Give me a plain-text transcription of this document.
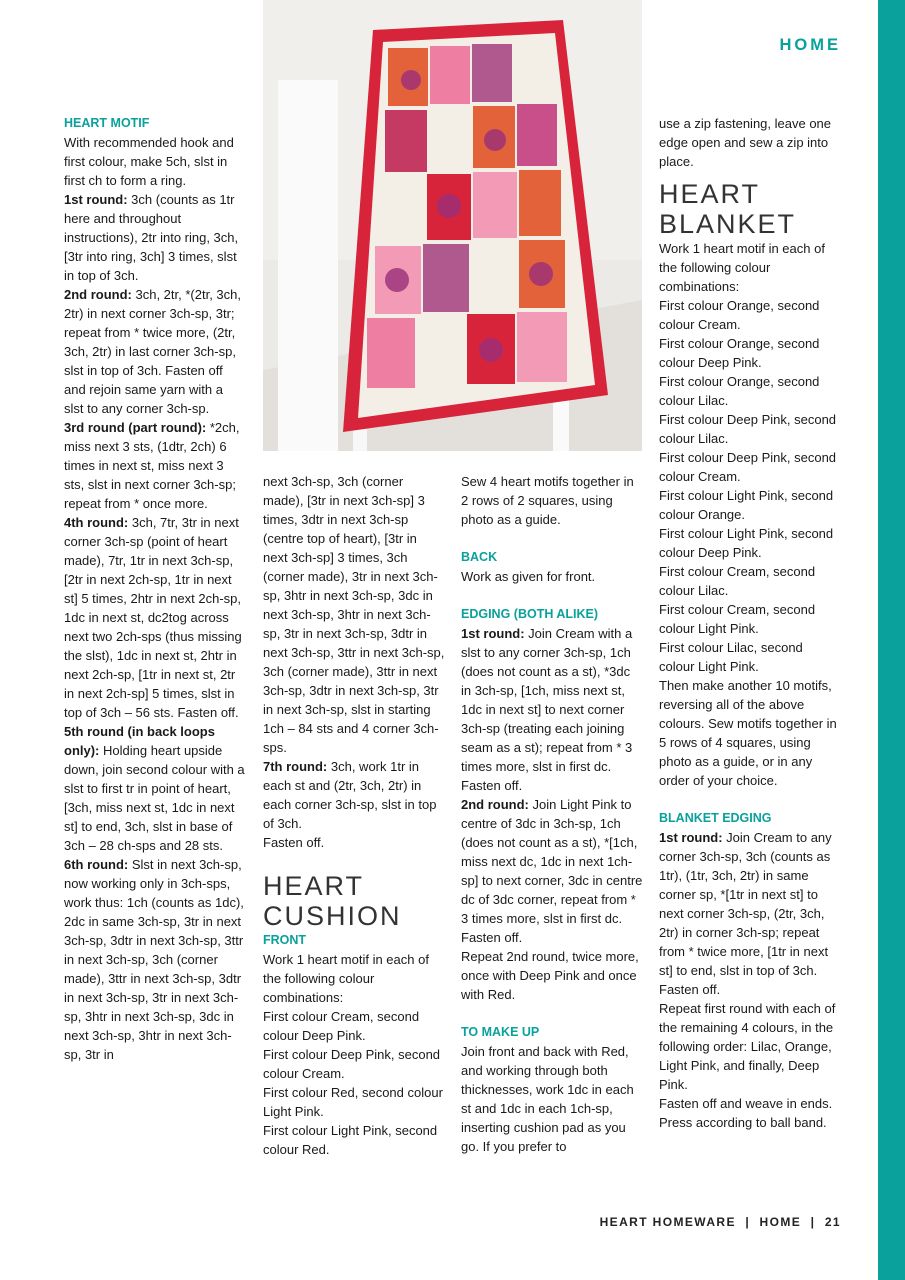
HOME

HEART MOTIF

With recommended hook and first colour, make 5ch, slst in first ch to form a ring.

1st round: 3ch (counts as 1tr here and throughout instructions), 2tr into ring, 3ch, [3tr into ring, 3ch] 3 times, slst in top of 3ch.

2nd round: 3ch, 2tr, *(2tr, 3ch, 2tr) in next corner 3ch-sp, 3tr; repeat from * twice more, (2tr, 3ch, 2tr) in last corner 3ch-sp, slst in top of 3ch. Fasten off and rejoin same yarn with a slst to any corner 3ch-sp.

3rd round (part round): *2ch, miss next 3 sts, (1dtr, 2ch) 6 times in next st, miss next 3 sts, slst in next corner 3ch-sp; repeat from * once more.

4th round: 3ch, 7tr, 3tr in next corner 3ch-sp (point of heart made), 7tr, 1tr in next 3ch-sp, [2tr in next 2ch-sp, 1tr in next st] 5 times, 2htr in next 2ch-sp, 1dc in next st, dc2tog across next two 2ch-sps (thus missing the slst), 1dc in next st, 2htr in next 2ch-sp, [1tr in next st, 2tr in next 2ch-sp] 5 times, slst in top of 3ch – 56 sts. Fasten off.

5th round (in back loops only): Holding heart upside down, join second colour with a slst to first tr in point of heart, [3ch, miss next st, 1dc in next st] to end, 3ch, slst in base of 3ch – 28 ch-sps and 28 sts.

6th round: Slst in next 3ch-sp, now working only in 3ch-sps, work thus: 1ch (counts as 1dc), 2dc in same 3ch-sp, 3tr in next 3ch-sp, 3dtr in next 3ch-sp, 3ttr in next 3ch-sp, 3ch (corner made), 3ttr in next 3ch-sp, 3dtr in next 3ch-sp, 3tr in next 3ch-sp, 3htr in next 3ch-sp, 3dc in next 3ch-sp, 3htr in next 3ch-sp, 3tr in

next 3ch-sp, 3ch (corner made), [3tr in next 3ch-sp] 3 times, 3dtr in next 3ch-sp (centre top of heart), [3tr in next 3ch-sp] 3 times, 3ch (corner made), 3tr in next 3ch-sp, 3htr in next 3ch-sp, 3dc in next 3ch-sp, 3htr in next 3ch-sp, 3tr in next 3ch-sp, 3dtr in next 3ch-sp, 3ttr in next 3ch-sp, 3ch (corner made), 3ttr in next 3ch-sp, 3dtr in next 3ch-sp, 3tr in next 3ch-sp, slst in starting 1ch – 84 sts and 4 corner 3ch-sps.

7th round: 3ch, work 1tr in each st and (2tr, 3ch, 2tr) in each corner 3ch-sp, slst in top of 3ch.

Fasten off.

HEART

CUSHION

FRONT

Work 1 heart motif in each of the following colour combinations:

First colour Cream, second colour Deep Pink.

First colour Deep Pink, second colour Cream.

First colour Red, second colour Light Pink.

First colour Light Pink, second colour Red.

Sew 4 heart motifs together in 2 rows of 2 squares, using photo as a guide.

BACK

Work as given for front.

EDGING (BOTH ALIKE)

1st round: Join Cream with a slst to any corner 3ch-sp, 1ch (does not count as a st), *3dc in 3ch-sp, [1ch, miss next st, 1dc in next st] to next corner 3ch-sp (treating each joining seam as a st); repeat from * 3 times more, slst in first dc. Fasten off.

2nd round: Join Light Pink to centre of 3dc in 3ch-sp, 1ch (does not count as a st), *[1ch, miss next dc, 1dc in next 1ch-sp] to next corner, 3dc in centre dc of 3dc corner, repeat from * 3 times more, slst in first dc.

Fasten off.

Repeat 2nd round, twice more, once with Deep Pink and once with Red.

TO MAKE UP

Join front and back with Red, and working through both thicknesses, work 1dc in each st and 1dc in each 1ch-sp, inserting cushion pad as you go. If you prefer to

use a zip fastening, leave one edge open and sew a zip into place.

HEART

BLANKET

Work 1 heart motif in each of the following colour combinations:

First colour Orange, second colour Cream.

First colour Orange, second colour Deep Pink.

First colour Orange, second colour Lilac.

First colour Deep Pink, second colour Lilac.

First colour Deep Pink, second colour Cream.

First colour Light Pink, second colour Orange.

First colour Light Pink, second colour Deep Pink.

First colour Cream, second colour Lilac.

First colour Cream, second colour Light Pink.

First colour Lilac, second colour Light Pink.

Then make another 10 motifs, reversing all of the above colours. Sew motifs together in 5 rows of 4 squares, using photo as a guide, or in any order of your choice.

BLANKET EDGING

1st round: Join Cream to any corner 3ch-sp, 3ch (counts as 1tr), (1tr, 3ch, 2tr) in same corner sp, *[1tr in next st] to next corner 3ch-sp, (2tr, 3ch, 2tr) in corner 3ch-sp; repeat from * twice more, [1tr in next st] to end, slst in top of 3ch.

Fasten off.

Repeat first round with each of the remaining 4 colours, in the following order: Lilac, Orange, Light Pink, and finally, Deep Pink.

Fasten off and weave in ends. Press according to ball band.

HEART HOMEWARE  |  HOME  |  21
